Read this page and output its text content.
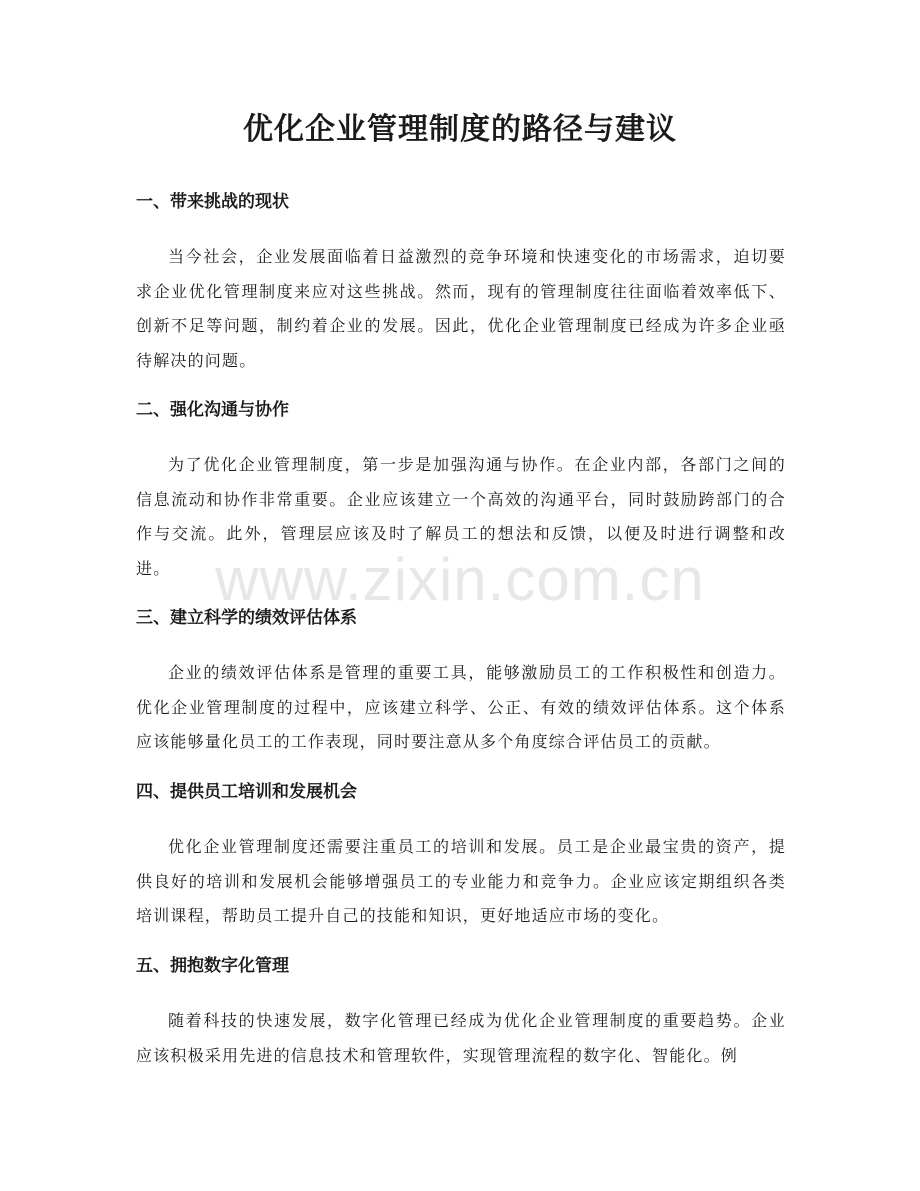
优化企业管理制度的路径与建议
一、带来挑战的现状

当今社会，企业发展面临着日益激烈的竞争环境和快速变化的市场需求，迫切要求企业优化管理制度来应对这些挑战。然而，现有的管理制度往往面临着效率低下、创新不足等问题，制约着企业的发展。因此，优化企业管理制度已经成为许多企业亟待解决的问题。

二、强化沟通与协作

为了优化企业管理制度，第一步是加强沟通与协作。在企业内部，各部门之间的信息流动和协作非常重要。企业应该建立一个高效的沟通平台，同时鼓励跨部门的合作与交流。此外，管理层应该及时了解员工的想法和反馈，以便及时进行调整和改进。

三、建立科学的绩效评估体系

企业的绩效评估体系是管理的重要工具，能够激励员工的工作积极性和创造力。优化企业管理制度的过程中，应该建立科学、公正、有效的绩效评估体系。这个体系应该能够量化员工的工作表现，同时要注意从多个角度综合评估员工的贡献。

四、提供员工培训和发展机会

优化企业管理制度还需要注重员工的培训和发展。员工是企业最宝贵的资产，提供良好的培训和发展机会能够增强员工的专业能力和竞争力。企业应该定期组织各类培训课程，帮助员工提升自己的技能和知识，更好地适应市场的变化。

五、拥抱数字化管理

随着科技的快速发展，数字化管理已经成为优化企业管理制度的重要趋势。企业应该积极采用先进的信息技术和管理软件，实现管理流程的数字化、智能化。例

www.zixin.com.cn
